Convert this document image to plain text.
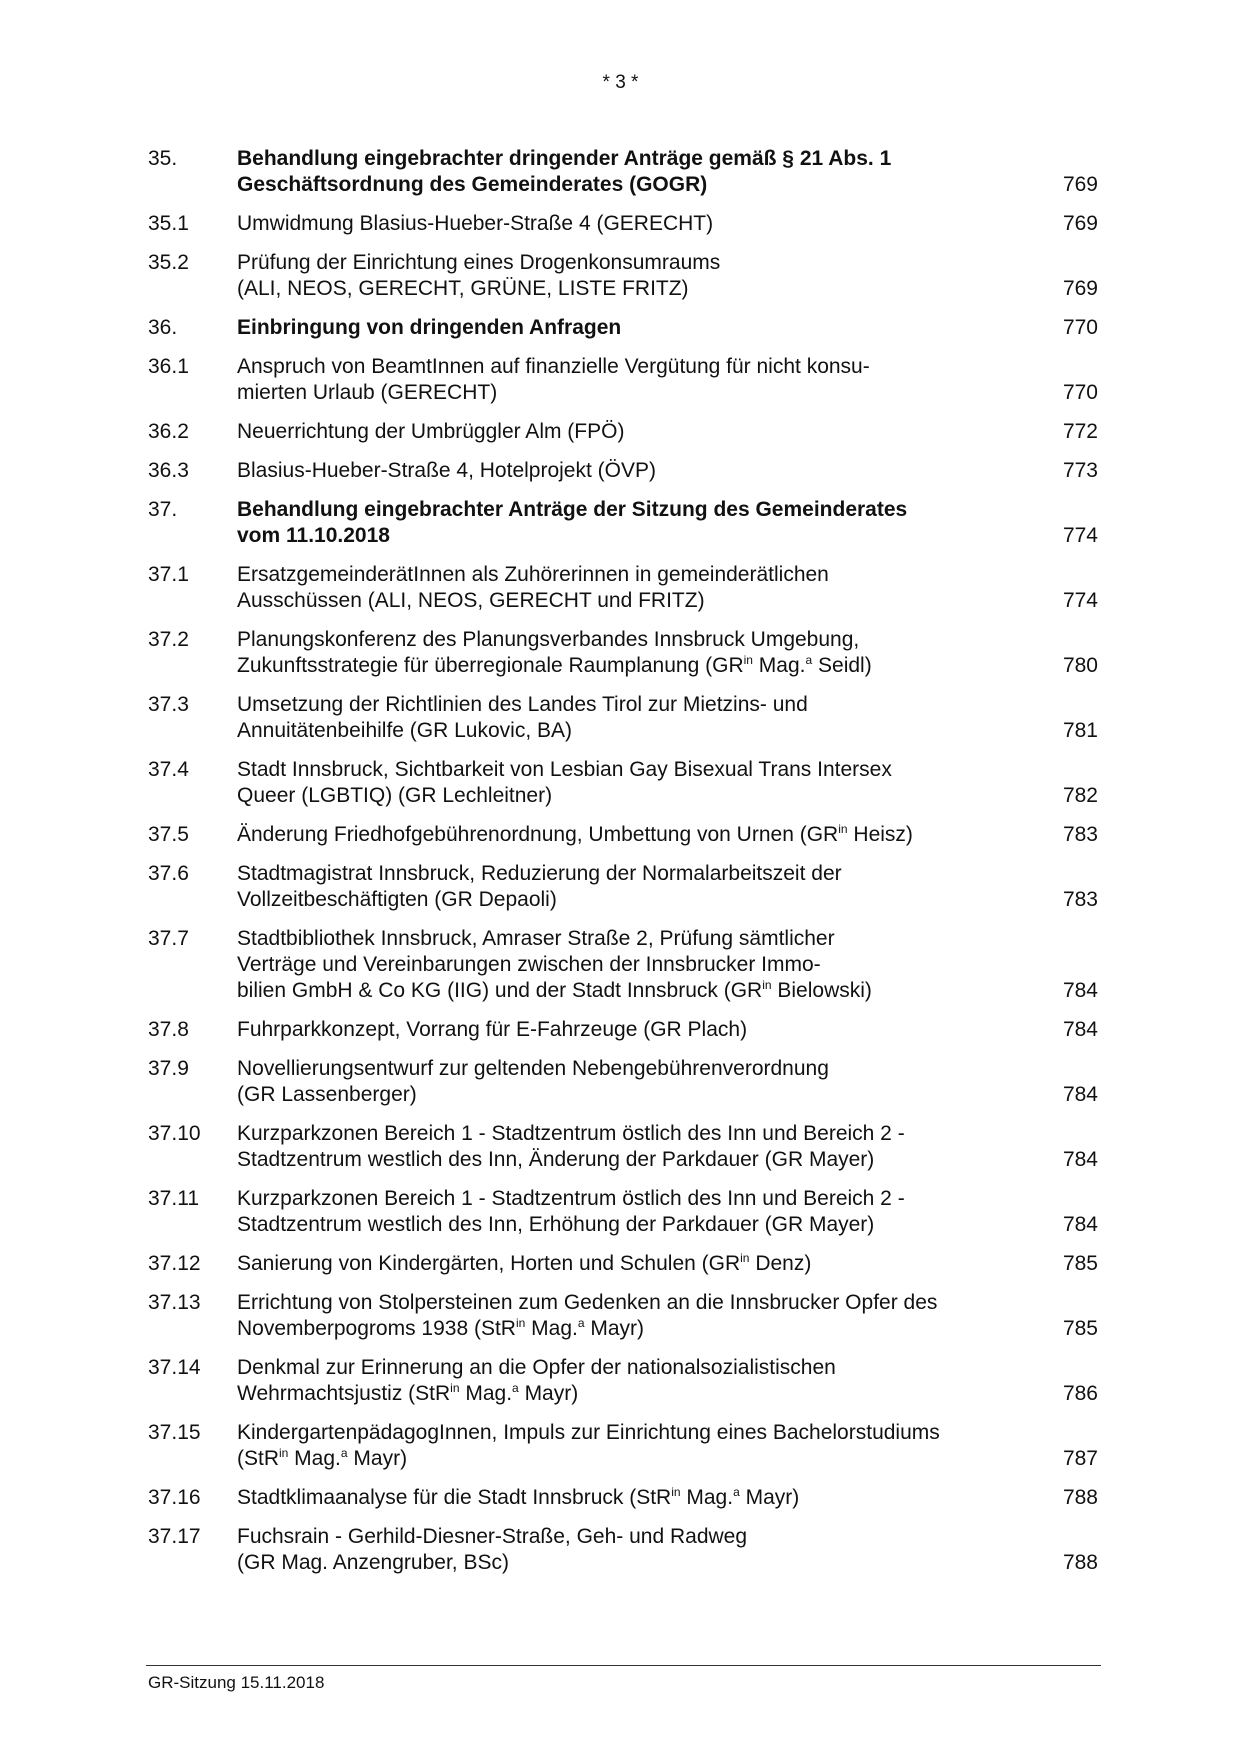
* 3 *
35.	Behandlung eingebrachter dringender Anträge gemäß § 21 Abs. 1
Geschäftsordnung des Gemeinderates (GOGR)	769
35.1	Umwidmung Blasius-Hueber-Straße 4 (GERECHT)	769
35.2	Prüfung der Einrichtung eines Drogenkonsumraums
(ALI, NEOS, GERECHT, GRÜNE, LISTE FRITZ)	769
36.	Einbringung von dringenden Anfragen	770
36.1	Anspruch von BeamtInnen auf finanzielle Vergütung für nicht konsu-
mierten Urlaub (GERECHT)	770
36.2	Neuerrichtung der Umbrüggler Alm (FPÖ)	772
36.3	Blasius-Hueber-Straße 4, Hotelprojekt (ÖVP)	773
37.	Behandlung eingebrachter Anträge der Sitzung des Gemeinderates
vom 11.10.2018	774
37.1	ErsatzgemeinderätInnen als Zuhörerinnen in gemeinderätlichen
Ausschüssen (ALI, NEOS, GERECHT und FRITZ)	774
37.2	Planungskonferenz des Planungsverbandes Innsbruck Umgebung,
Zukunftsstrategie für überregionale Raumplanung ($GR^{in}$ Mag.$^a$ Seidl)	780
37.3	Umsetzung der Richtlinien des Landes Tirol zur Mietzins- und
Annuitätenbeihilfe (GR Lukovic, BA)	781
37.4	Stadt Innsbruck, Sichtbarkeit von Lesbian Gay Bisexual Trans Intersex
Queer (LGBTIQ) (GR Lechleitner)	782
37.5	Änderung Friedhofgebührenordnung, Umbettung von Urnen ($GR^{in}$ Heisz)	783
37.6	Stadtmagistrat Innsbruck, Reduzierung der Normalarbeitszeit der
Vollzeitbeschäftigten (GR Depaoli)	783
37.7	Stadtbibliothek Innsbruck, Amraser Straße 2, Prüfung sämtlicher
Verträge und Vereinbarungen zwischen der Innsbrucker Immo-
bilien GmbH & Co KG (IIG) und der Stadt Innsbruck ($GR^{in}$ Bielowski)	784
37.8	Fuhrparkkonzept, Vorrang für E-Fahrzeuge (GR Plach)	784
37.9	Novellierungsentwurf zur geltenden Nebengebührenverordnung
(GR Lassenberger)	784
37.10	Kurzparkzonen Bereich 1 - Stadtzentrum östlich des Inn und Bereich 2 -
Stadtzentrum westlich des Inn, Änderung der Parkdauer (GR Mayer)	784
37.11	Kurzparkzonen Bereich 1 - Stadtzentrum östlich des Inn und Bereich 2 -
Stadtzentrum westlich des Inn, Erhöhung der Parkdauer (GR Mayer)	784
37.12	Sanierung von Kindergärten, Horten und Schulen ($GR^{in}$ Denz)	785
37.13	Errichtung von Stolpersteinen zum Gedenken an die Innsbrucker Opfer des
Novemberpogroms 1938 (StR$^{in}$ Mag.$^a$ Mayr)	785
37.14	Denkmal zur Erinnerung an die Opfer der nationalsozialistischen
Wehrmachtsjustiz (StR$^{in}$ Mag.$^a$ Mayr)	786
37.15	KindergartenpädagogInnen, Impuls zur Einrichtung eines Bachelorstudiums
(StR$^{in}$ Mag.$^a$ Mayr)	787
37.16	Stadtklimaanalyse für die Stadt Innsbruck (StR$^{in}$ Mag.$^a$ Mayr)	788
37.17	Fuchsrain - Gerhild-Diesner-Straße, Geh- und Radweg
(GR Mag. Anzengruber, BSc)	788
GR-Sitzung 15.11.2018
